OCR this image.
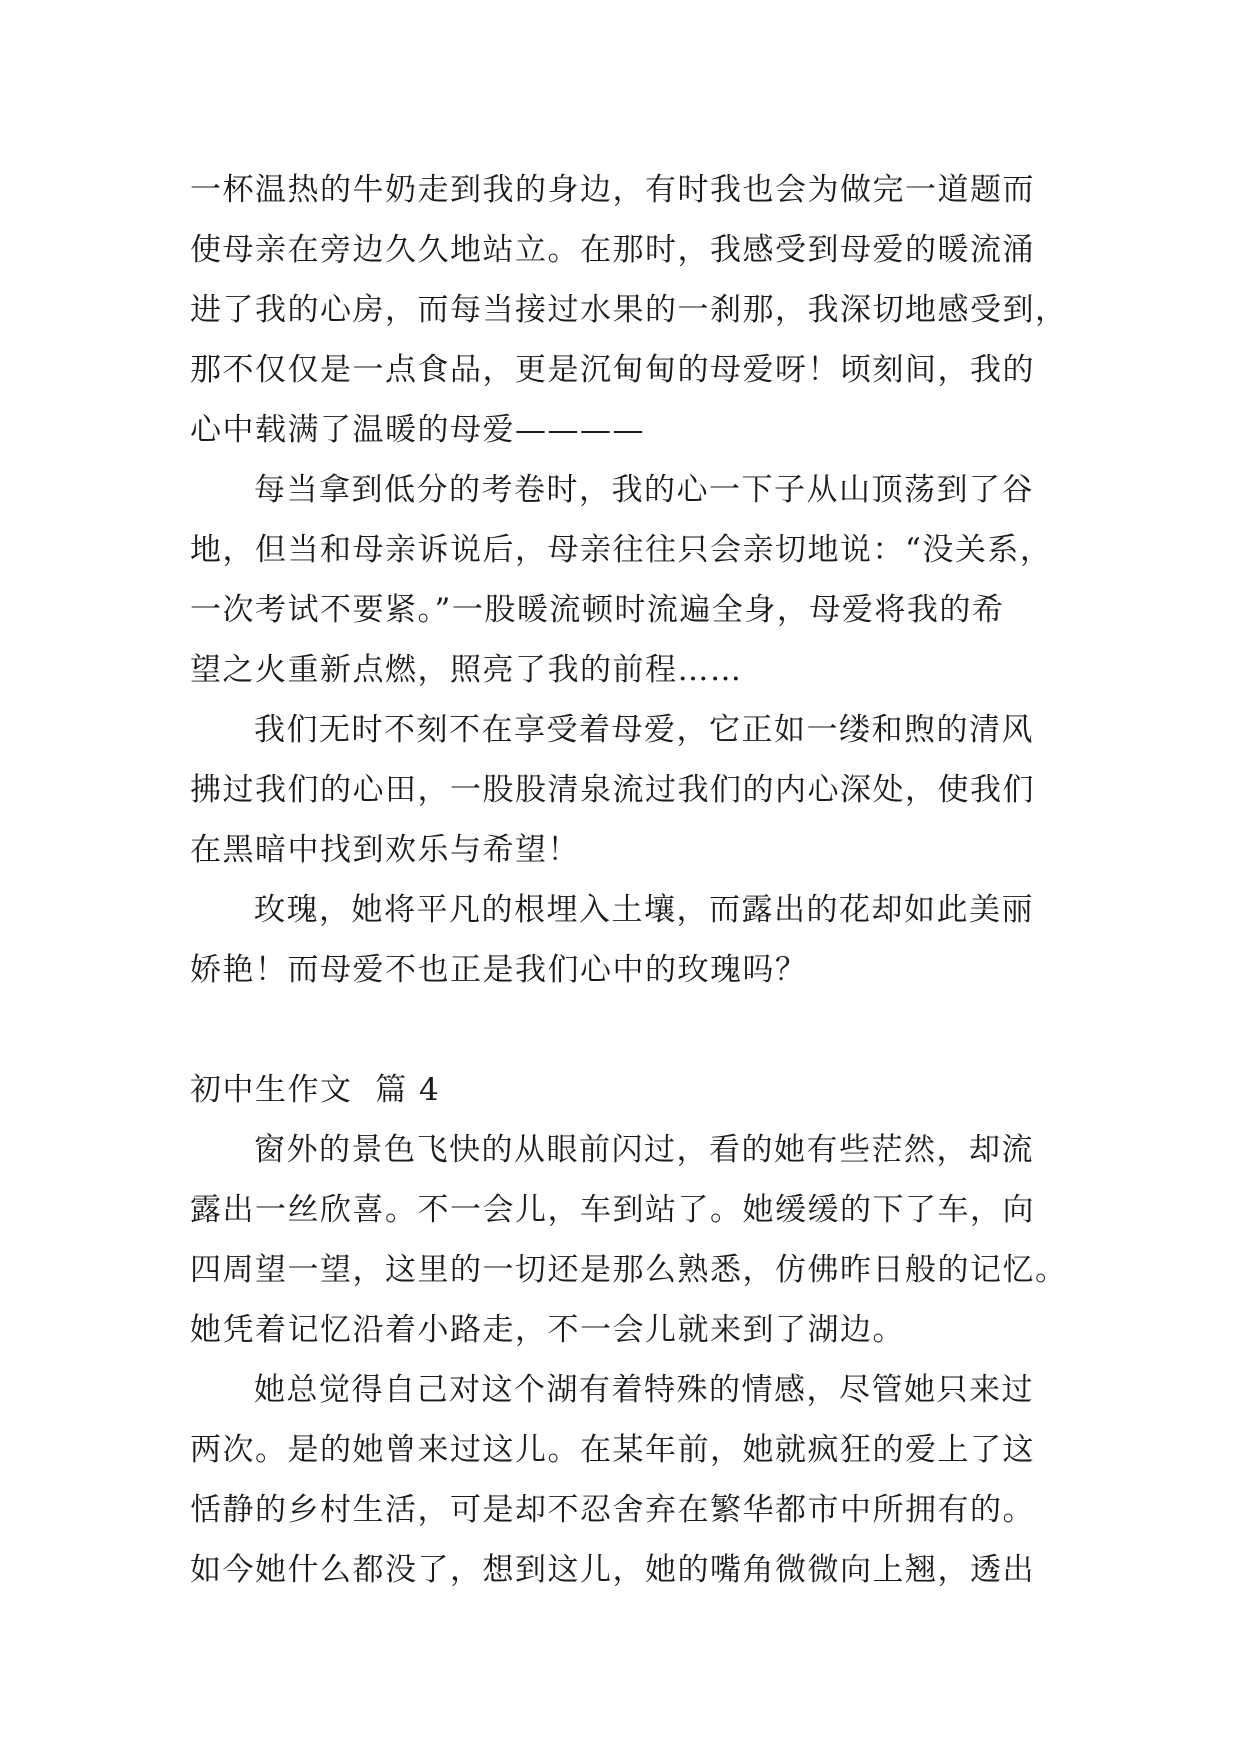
一杯温热的牛奶走到我的身边，有时我也会为做完一道题而
使母亲在旁边久久地站立。在那时，我感受到母爱的暖流涌
进了我的心房，而每当接过水果的一刹那，我深切地感受到，
那不仅仅是一点食品，更是沉甸甸的母爱呀！顷刻间，我的
心中载满了温暖的母爱————
每当拿到低分的考卷时，我的心一下子从山顶荡到了谷
地，但当和母亲诉说后，母亲往往只会亲切地说：“没关系，
一次考试不要紧。”一股暖流顿时流遍全身，母爱将我的希
望之火重新点燃，照亮了我的前程……
我们无时不刻不在享受着母爱，它正如一缕和煦的清风
拂过我们的心田，一股股清泉流过我们的内心深处，使我们
在黑暗中找到欢乐与希望！
玫瑰，她将平凡的根埋入土壤，而露出的花却如此美丽
娇艳！而母爱不也正是我们心中的玫瑰吗？
初中生作文  篇 4
窗外的景色飞快的从眼前闪过，看的她有些茫然，却流
露出一丝欣喜。不一会儿，车到站了。她缓缓的下了车，向
四周望一望，这里的一切还是那么熟悉，仿佛昨日般的记忆。
她凭着记忆沿着小路走，不一会儿就来到了湖边。
她总觉得自己对这个湖有着特殊的情感，尽管她只来过
两次。是的她曾来过这儿。在某年前，她就疯狂的爱上了这
恬静的乡村生活，可是却不忍舍弃在繁华都市中所拥有的。
如今她什么都没了，想到这儿，她的嘴角微微向上翘，透出
